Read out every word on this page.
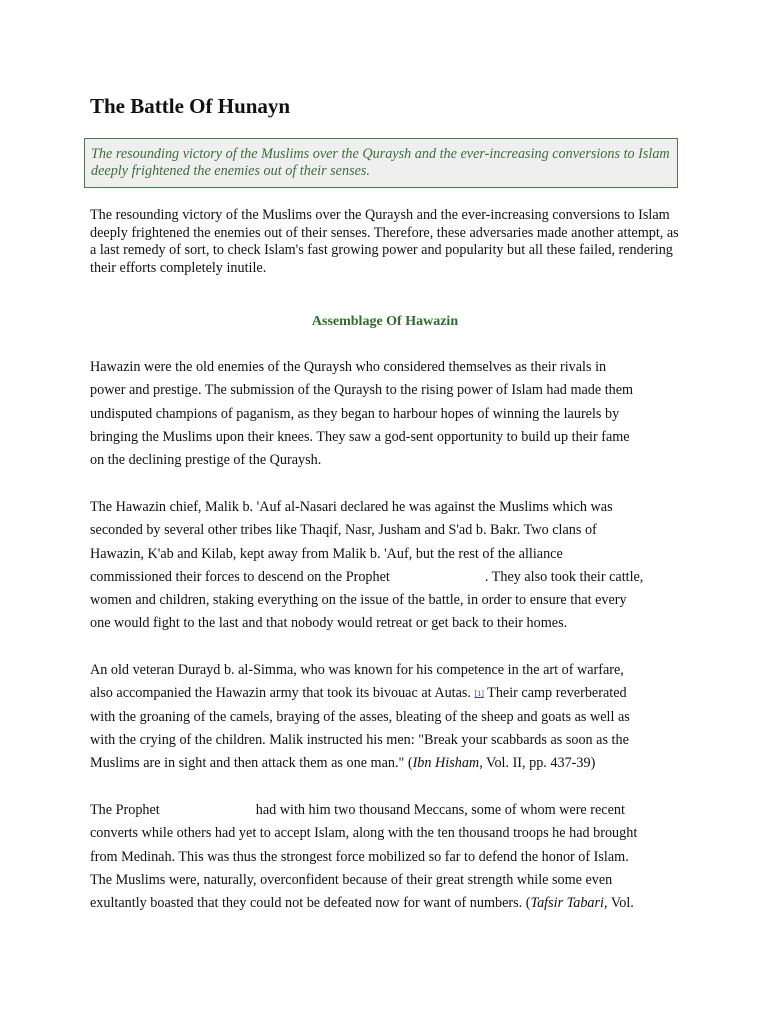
The Battle Of Hunayn
The resounding victory of the Muslims over the Quraysh and the ever-increasing conversions to Islam deeply frightened the enemies out of their senses.

The resounding victory of the Muslims over the Quraysh and the ever-increasing conversions to Islam deeply frightened the enemies out of their senses. Therefore, these adversaries made another attempt, as a last remedy of sort, to check Islam's fast growing power and popularity but all these failed, rendering their efforts completely inutile.

Assemblage Of Hawazin

Hawazin were the old enemies of the Quraysh who considered themselves as their rivals in
power and prestige. The submission of the Quraysh to the rising power of Islam had made them
undisputed champions of paganism, as they began to harbour hopes of winning the laurels by
bringing the Muslims upon their knees. They saw a god-sent opportunity to build up their fame
on the declining prestige of the Quraysh.

The Hawazin chief, Malik b. 'Auf al-Nasari declared he was against the Muslims which was
seconded by several other tribes like Thaqif, Nasr, Jusham and S'ad b. Bakr. Two clans of
Hawazin, K'ab and Kilab, kept away from Malik b. 'Auf, but the rest of the alliance
commissioned their forces to descend on the Prophet	. They also took their cattle,
women and children, staking everything on the issue of the battle, in order to ensure that every
one would fight to the last and that nobody would retreat or get back to their homes.

An old veteran Durayd b. al-Simma, who was known for his competence in the art of warfare,
also accompanied the Hawazin army that took its bivouac at Autas. [1] Their camp reverberated
with the groaning of the camels, braying of the asses, bleating of the sheep and goats as well as
with the crying of the children. Malik instructed his men: "Break your scabbards as soon as the
Muslims are in sight and then attack them as one man." (Ibn Hisham, Vol. II, pp. 437-39)

The Prophet	had with him two thousand Meccans, some of whom were recent
converts while others had yet to accept Islam, along with the ten thousand troops he had brought
from Medinah. This was thus the strongest force mobilized so far to defend the honor of Islam.
The Muslims were, naturally, overconfident because of their great strength while some even
exultantly boasted that they could not be defeated now for want of numbers. (Tafsir Tabari, Vol.
